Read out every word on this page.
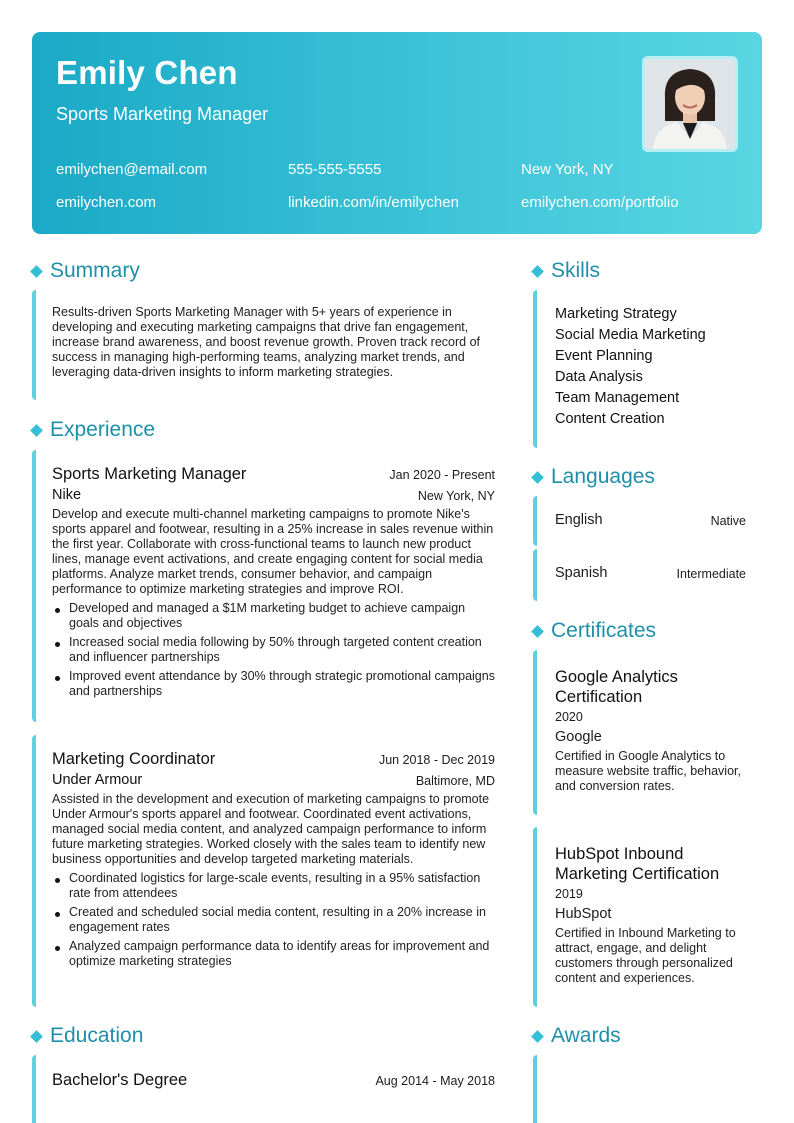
Emily Chen
Sports Marketing Manager
emilychen@email.com	555-555-5555	New York, NY
emilychen.com	linkedin.com/in/emilychen	emilychen.com/portfolio
Summary
Results-driven Sports Marketing Manager with 5+ years of experience in developing and executing marketing campaigns that drive fan engagement, increase brand awareness, and boost revenue growth. Proven track record of success in managing high-performing teams, analyzing market trends, and leveraging data-driven insights to inform marketing strategies.
Experience
Sports Marketing Manager	Jan 2020 - Present
Nike	New York, NY
Develop and execute multi-channel marketing campaigns to promote Nike's sports apparel and footwear, resulting in a 25% increase in sales revenue within the first year. Collaborate with cross-functional teams to launch new product lines, manage event activations, and create engaging content for social media platforms. Analyze market trends, consumer behavior, and campaign performance to optimize marketing strategies and improve ROI.
Developed and managed a $1M marketing budget to achieve campaign goals and objectives
Increased social media following by 50% through targeted content creation and influencer partnerships
Improved event attendance by 30% through strategic promotional campaigns and partnerships
Marketing Coordinator	Jun 2018 - Dec 2019
Under Armour	Baltimore, MD
Assisted in the development and execution of marketing campaigns to promote Under Armour's sports apparel and footwear. Coordinated event activations, managed social media content, and analyzed campaign performance to inform future marketing strategies. Worked closely with the sales team to identify new business opportunities and develop targeted marketing materials.
Coordinated logistics for large-scale events, resulting in a 95% satisfaction rate from attendees
Created and scheduled social media content, resulting in a 20% increase in engagement rates
Analyzed campaign performance data to identify areas for improvement and optimize marketing strategies
Education
Bachelor's Degree	Aug 2014 - May 2018
Skills
Marketing Strategy
Social Media Marketing
Event Planning
Data Analysis
Team Management
Content Creation
Languages
English	Native
Spanish	Intermediate
Certificates
Google Analytics Certification
2020
Google
Certified in Google Analytics to measure website traffic, behavior, and conversion rates.
HubSpot Inbound Marketing Certification
2019
HubSpot
Certified in Inbound Marketing to attract, engage, and delight customers through personalized content and experiences.
Awards
